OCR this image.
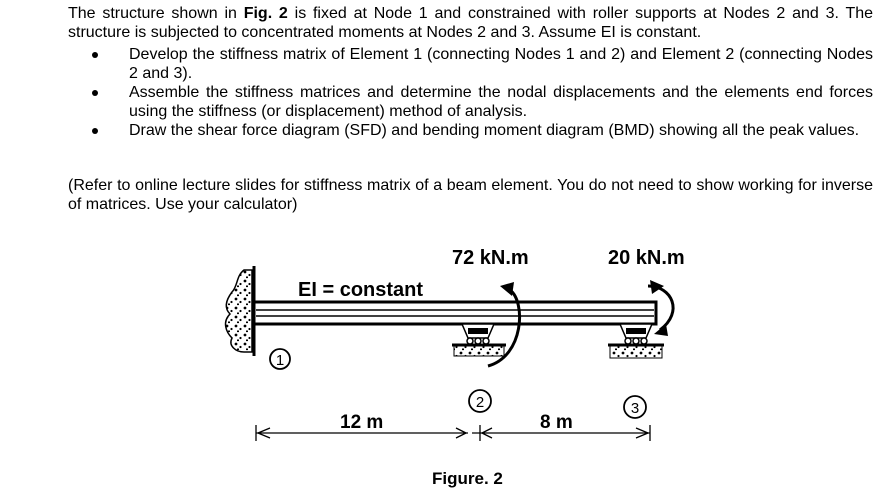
The structure shown in Fig. 2 is fixed at Node 1 and constrained with roller supports at Nodes 2 and 3. The structure is subjected to concentrated moments at Nodes 2 and 3. Assume EI is constant.
Develop the stiffness matrix of Element 1 (connecting Nodes 1 and 2) and Element 2 (connecting Nodes 2 and 3).
Assemble the stiffness matrices and determine the nodal displacements and the elements end forces using the stiffness (or displacement) method of analysis.
Draw the shear force diagram (SFD) and bending moment diagram (BMD) showing all the peak values.
(Refer to online lecture slides for stiffness matrix of a beam element. You do not need to show working for inverse of matrices. Use your calculator)
1
2	3
EI = constant
72 kN.m	20 kN.m
12 m	8 m
Figure. 2
